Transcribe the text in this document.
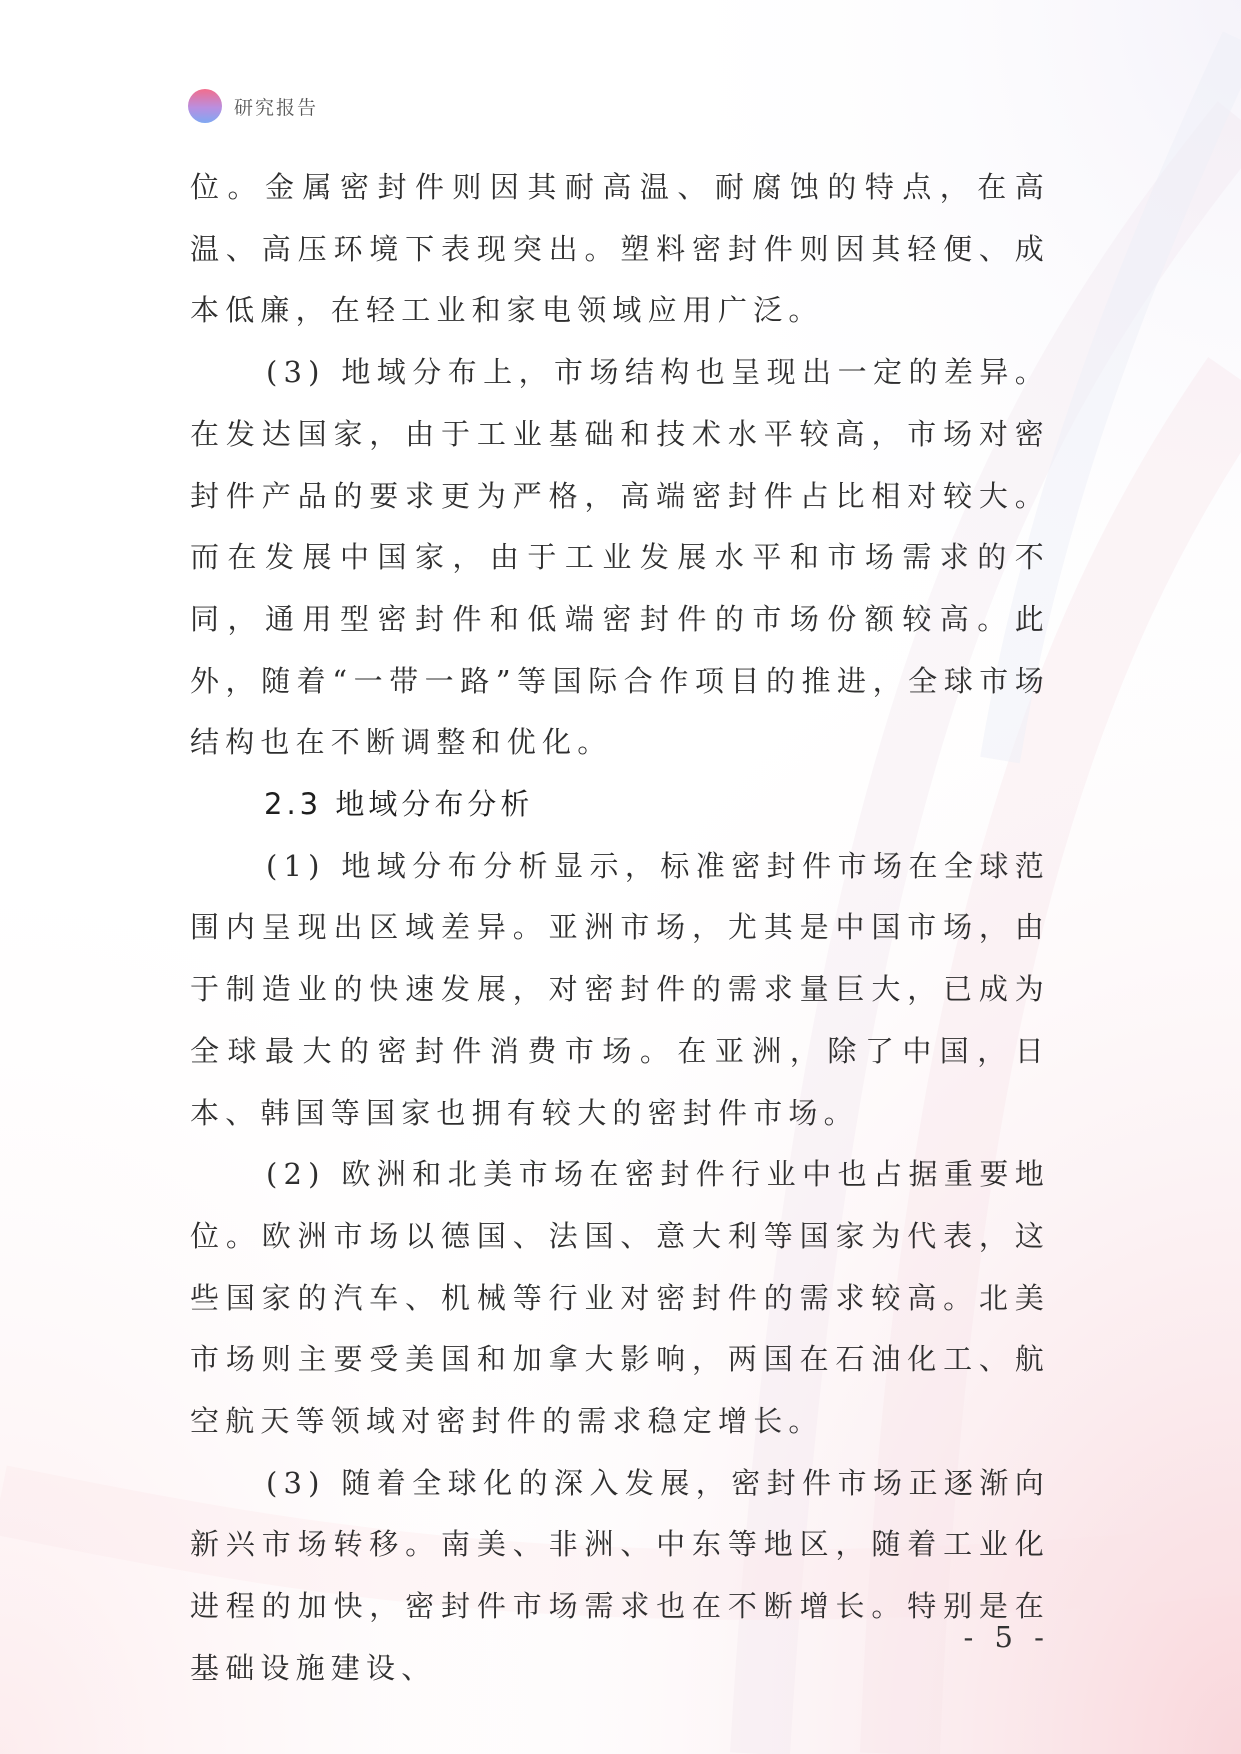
研究报告

位。金属密封件则因其耐高温、耐腐蚀的特点，在高温、高压环境下表现突出。塑料密封件则因其轻便、成本低廉，在轻工业和家电领域应用广泛。

(3) 地域分布上，市场结构也呈现出一定的差异。在发达国家，由于工业基础和技术水平较高，市场对密封件产品的要求更为严格，高端密封件占比相对较大。而在发展中国家，由于工业发展水平和市场需求的不同，通用型密封件和低端密封件的市场份额较高。此外，随着“一带一路”等国际合作项目的推进，全球市场结构也在不断调整和优化。

2.3 地域分布分析

(1) 地域分布分析显示，标准密封件市场在全球范围内呈现出区域差异。亚洲市场，尤其是中国市场，由于制造业的快速发展，对密封件的需求量巨大，已成为全球最大的密封件消费市场。在亚洲，除了中国，日本、韩国等国家也拥有较大的密封件市场。

(2) 欧洲和北美市场在密封件行业中也占据重要地位。欧洲市场以德国、法国、意大利等国家为代表，这些国家的汽车、机械等行业对密封件的需求较高。北美市场则主要受美国和加拿大影响，两国在石油化工、航空航天等领域对密封件的需求稳定增长。

(3) 随着全球化的深入发展，密封件市场正逐渐向新兴市场转移。南美、非洲、中东等地区，随着工业化进程的加快，密封件市场需求也在不断增长。特别是在基础设施建设、

- 5 -
